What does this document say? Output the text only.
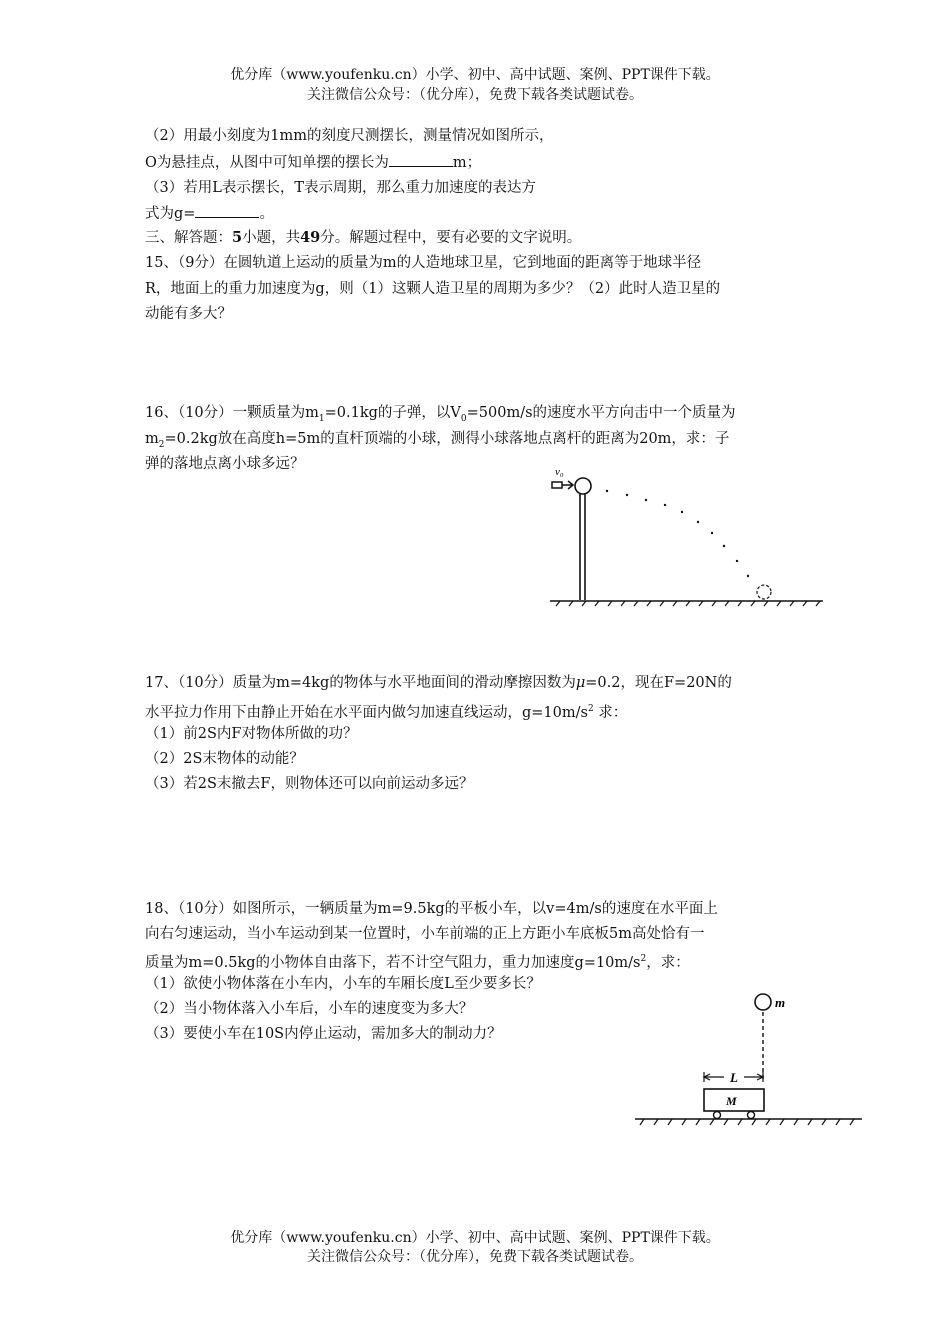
优分库（www.youfenku.cn）小学、初中、高中试题、案例、PPT课件下载。
关注微信公众号：（优分库），免费下载各类试题试卷。
（2）用最小刻度为1mm的刻度尺测摆长，测量情况如图所示，
O为悬挂点，从图中可知单摆的摆长为	m；
（3）若用L表示摆长，T表示周期，那么重力加速度的表达方
式为g=	。
三、解答题：5小题，共49分。解题过程中，要有必要的文字说明。
15、（9分）在圆轨道上运动的质量为m的人造地球卫星，它到地面的距离等于地球半径
R，地面上的重力加速度为g，则（1）这颗人造卫星的周期为多少？（2）此时人造卫星的
动能有多大？
16、（10分）一颗质量为$m_1=0.1kg$的子弹，以$V_0=500m/s$的速度水平方向击中一个质量为
$m_2=0.2kg$放在高度h=5m的直杆顶端的小球，测得小球落地点离杆的距离为20m，求：子
弹的落地点离小球多远？	v₀
17、（10分）质量为m=4kg的物体与水平地面间的滑动摩擦因数为μ=0.2，现在F=20N的
水平拉力作用下由静止开始在水平面内做匀加速直线运动，$g=10m/s^2$ 求：
（1）前2S内F对物体所做的功？
（2）2S末物体的动能？
（3）若2S末撤去F，则物体还可以向前运动多远？
18、（10分）如图所示，一辆质量为m=9.5kg的平板小车，以v=4m/s的速度在水平面上
向右匀速运动，当小车运动到某一位置时，小车前端的正上方距小车底板5m高处恰有一
质量为m=0.5kg的小物体自由落下，若不计空气阻力，重力加速度$g=10m/s^2$，求：
（1）欲使小物体落在小车内，小车的车厢长度L至少要多长？
（2）当小物体落入小车后，小车的速度变为多大？
（3）要使小车在10S内停止运动，需加多大的制动力？
m
L
M
优分库（www.youfenku.cn）小学、初中、高中试题、案例、PPT课件下载。
关注微信公众号：（优分库），免费下载各类试题试卷。
